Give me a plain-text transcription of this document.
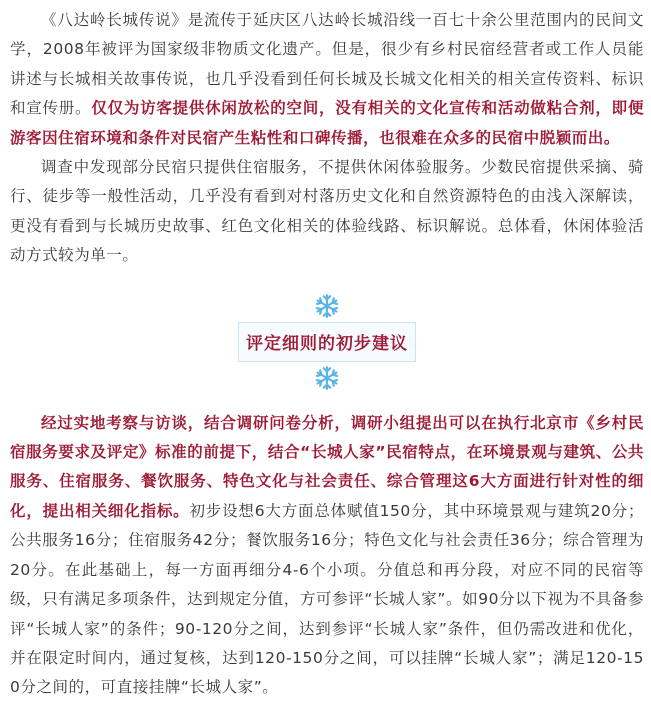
《八达岭长城传说》是流传于延庆区八达岭长城沿线一百七十余公里范围内的民间文学，2008年被评为国家级非物质文化遗产。但是，很少有乡村民宿经营者或工作人员能讲述与长城相关故事传说，也几乎没看到任何长城及长城文化相关的相关宣传资料、标识和宣传册。仅仅为访客提供休闲放松的空间，没有相关的文化宣传和活动做粘合剂，即便游客因住宿环境和条件对民宿产生粘性和口碑传播，也很难在众多的民宿中脱颖而出。

调查中发现部分民宿只提供住宿服务，不提供休闲体验服务。少数民宿提供采摘、骑行、徒步等一般性活动，几乎没有看到对村落历史文化和自然资源特色的由浅入深解读，更没有看到与长城历史故事、红色文化相关的体验线路、标识解说。总体看，休闲体验活动方式较为单一。

评定细则的初步建议

经过实地考察与访谈，结合调研问卷分析，调研小组提出可以在执行北京市《乡村民宿服务要求及评定》标准的前提下，结合“长城人家”民宿特点，在环境景观与建筑、公共服务、住宿服务、餐饮服务、特色文化与社会责任、综合管理这6大方面进行针对性的细化，提出相关细化指标。初步设想6大方面总体赋值150分，其中环境景观与建筑20分；公共服务16分；住宿服务42分；餐饮服务16分；特色文化与社会责任36分；综合管理为20分。在此基础上，每一方面再细分4-6个小项。分值总和再分段，对应不同的民宿等级，只有满足多项条件，达到规定分值，方可参评“长城人家”。如90分以下视为不具备参评“长城人家”的条件；90-120分之间，达到参评“长城人家”条件，但仍需改进和优化，并在限定时间内，通过复核，达到120-150分之间，可以挂牌“长城人家”；满足120-150分之间的，可直接挂牌“长城人家”。
